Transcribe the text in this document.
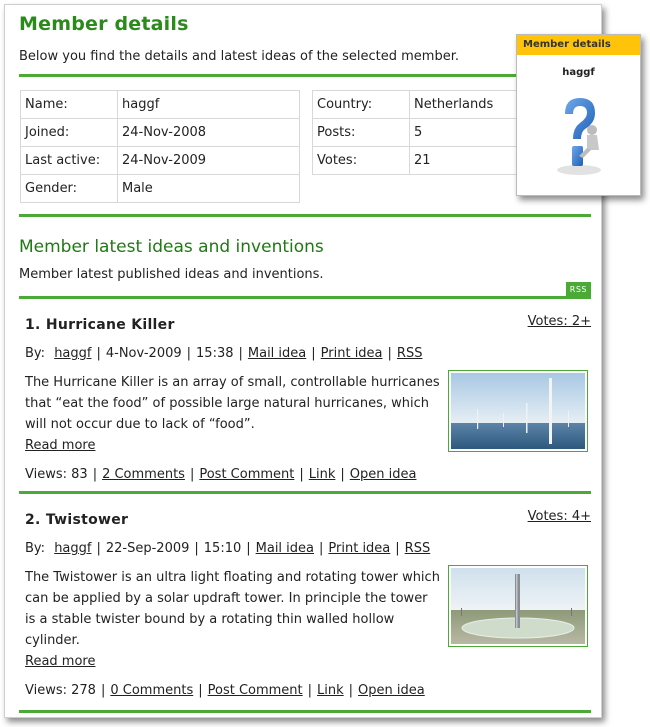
Member details
Below you find the details and latest ideas of the selected member.
Name:	haggf
Joined:	24-Nov-2008
Last active:	24-Nov-2009
Gender:	Male
Country:	Netherlands
Posts:	5
Votes:	21
Member latest ideas and inventions
Member latest published ideas and inventions.
RSS
1. Hurricane Killer	Votes: 2+
By: haggf | 4-Nov-2009 | 15:38 | Mail idea | Print idea | RSS
The Hurricane Killer is an array of small, controllable hurricanes that “eat the food” of possible large natural hurricanes, which will not occur due to lack of “food”.
Read more
Views: 83 | 2 Comments | Post Comment | Link | Open idea
2. Twistower	Votes: 4+
By: haggf | 22-Sep-2009 | 15:10 | Mail idea | Print idea | RSS
The Twistower is an ultra light floating and rotating tower which can be applied by a solar updraft tower. In principle the tower is a stable twister bound by a rotating thin walled hollow cylinder.
Read more
Views: 278 | 0 Comments | Post Comment | Link | Open idea
Member details
haggf
